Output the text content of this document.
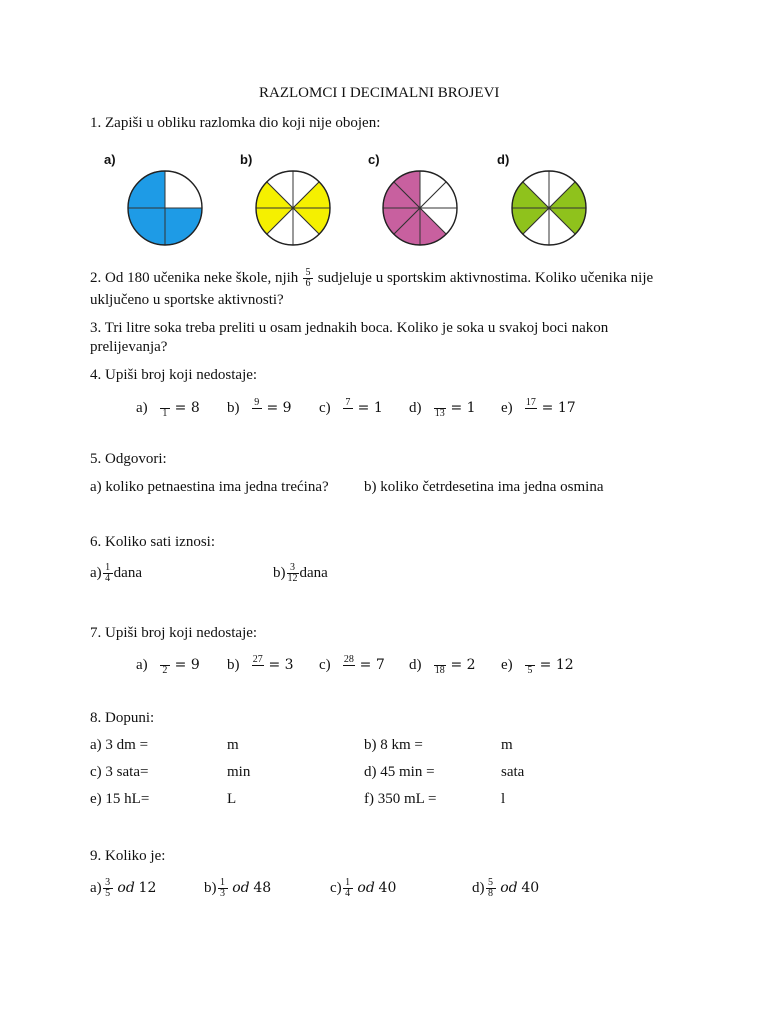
RAZLOMCI I DECIMALNI BROJEVI
1. Zapiši u obliku razlomka dio koji nije obojen:
a)	b)	c)	d)
2. Od 180 učenika neke škole, njih $\frac{5}{6}$ sudjeluje u sportskim aktivnostima. Koliko učenika nije
uključeno u sportske aktivnosti?
3. Tri litre soka treba preliti u osam jednakih boca. Koliko je soka u svakoj boci nakon
prelijevanja?
4. Upiši broj koji nedostaje:
a) 1 = 8 b) 9 = 9 c) 7 = 1 d) 13 = 1 e) 17 = 17
5. Odgovori:
a) koliko petnaestina ima jedna trećina? b) koliko četrdesetina ima jedna osmina
6. Koliko sati iznosi:
$a) \frac{1}{4}$ dana	$b) \frac{3}{12}$ dana
7. Upiši broj koji nedostaje:
a) 2 = 9 b) 27 = 3 c) 28 = 7 d) 18 = 2 e) 5 = 12
8. Dopuni:
a) 3 dm =	m	b) 8 km =	m
c) 3 sata=	min	d) 45 min =	sata
e) 15 hL=	L	f) 350 mL =	l
9. Koliko je:
$a) \frac{3}{5}$ od 12	$b) \frac{1}{3}$ od 48	$c) \frac{1}{4}$ od 40	$d) \frac{5}{8}$ od 40
